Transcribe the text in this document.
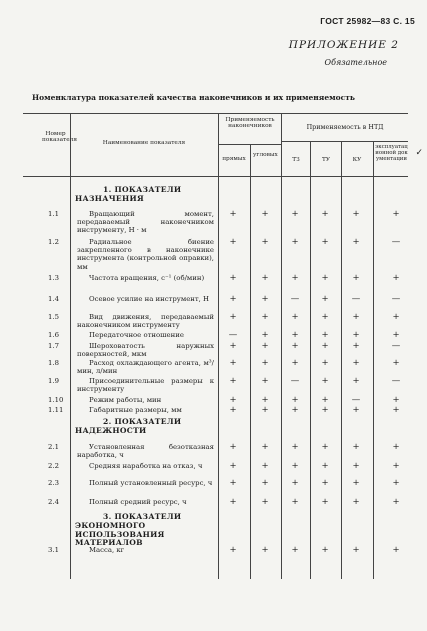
ГОСТ 25982—83 С. 15
ПРИЛОЖЕНИЕ 2
Обязательное
Номенклатура показателей качества наконечников и их применяемость
Номер показателя	Наименование показателя
Применяемость наконечников
прямых
угловых
Применяемость в НТД
ТЗ	ТУ	КУ
эксплуатационной документации
✓
1. ПОКАЗАТЕЛИ НАЗНАЧЕНИЯ
1.1	Вращающий момент, передаваемый наконечником инструменту, Н · м
+	+	+	+	+	+
1.2	Радиальное биение закрепленного в наконечнике инструмента (контрольной оправки), мм
+	+	+	+	+	—
1.3	Частота вращения, с⁻¹ (об/мин)	+	+	+	+	+	+
1.4	Осевое усилие на инструмент, Н	+	+	—	+	—	—
1.5	Вид движения, передаваемый наконечником инструменту
+	+	+	+	+	+
1.6	Передаточное отношение	—	+	+	+	+	+
1.7	Шероховатость наружных поверхностей, мкм
+	+	+	+	+	—
1.8	Расход охлаждающего агента, м³/мин, л/мин
+	+	+	+	+	+
1.9	Присоединительные размеры к инструменту
+	+	—	+	+	—
1.10	Режим работы, мин	+	+	+	+	—	+
1.11	Габаритные размеры, мм	+	+	+	+	+	+
2. ПОКАЗАТЕЛИ НАДЕЖНОСТИ
2.1	Установленная безотказная наработка, ч
+	+	+	+	+	+
2.2	Средняя наработка на отказ, ч	+	+	+	+	+	+
2.3	Полный установленный ресурс, ч	+	+	+	+	+	+
2.4	Полный средний ресурс, ч	+	+	+	+	+	+
3. ПОКАЗАТЕЛИ ЭКОНОМНОГО ИСПОЛЬЗОВАНИЯ МАТЕРИАЛОВ
3.1	Масса, кг	+	+	+	+	+	+
